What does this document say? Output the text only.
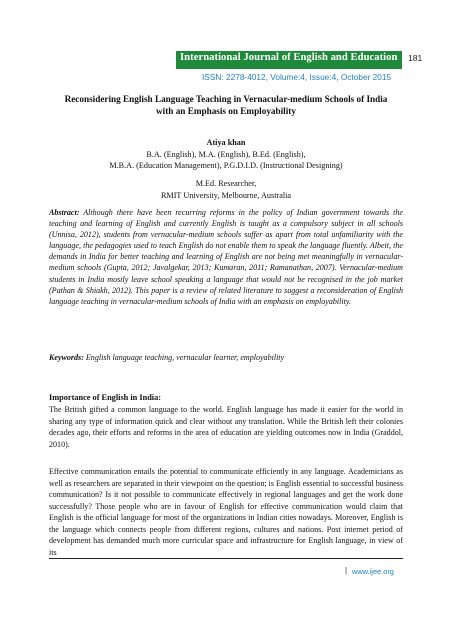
International Journal of English and Education 181
ISSN: 2278-4012, Volume:4, Issue:4, October 2015
Reconsidering English Language Teaching in Vernacular-medium Schools of India
with an Emphasis on Employability
Atiya khan
B.A. (English), M.A. (English), B.Ed. (English),
M.B.A. (Education Management), P.G.D.I.D. (Instructional Designing)
M.Ed. Researcher,
RMIT University, Melbourne, Australia
Abstract: Although there have been recurring reforms in the policy of Indian government towards the teaching and learning of English and currently English is taught as a compulsory subject in all schools (Unnisa, 2012), students from vernacular-medium schools suffer as apart from total unfamiliarity with the language, the pedagogies used to teach English do not enable them to speak the language fluently. Albeit, the demands in India for better teaching and learning of English are not being met meaningfully in vernacular-medium schools (Gupta, 2012; Javalgekar, 2013; Kumaran, 2011; Ramanathan, 2007). Vernacular-medium students in India mostly leave school speaking a language that would not be recognised in the job market (Pathan & Shiakh, 2012). This paper is a review of related literature to suggest a reconsideration of English language teaching in vernacular-medium schools of India with an emphasis on employability.
Keywords: English language teaching, vernacular learner, employability
Importance of English in India:
The British gifted a common language to the world. English language has made it easier for the world in sharing any type of information quick and clear without any translation. While the British left their colonies decades ago, their efforts and reforms in the area of education are yielding outcomes now in India (Graddol, 2010).
Effective communication entails the potential to communicate efficiently in any language. Academicians as well as researchers are separated in their viewpoint on the question; is English essential to successful business communication? Is it not possible to communicate effectively in regional languages and get the work done successfully? Those people who are in favour of English for effective communication would claim that English is the official language for most of the organizations in Indian cities nowadays. Moreover, English is the language which connects people from different regions, cultures and nations. Post internet period of development has demanded much more curricular space and infrastructure for English language, in view of its
| www.ijee.org
